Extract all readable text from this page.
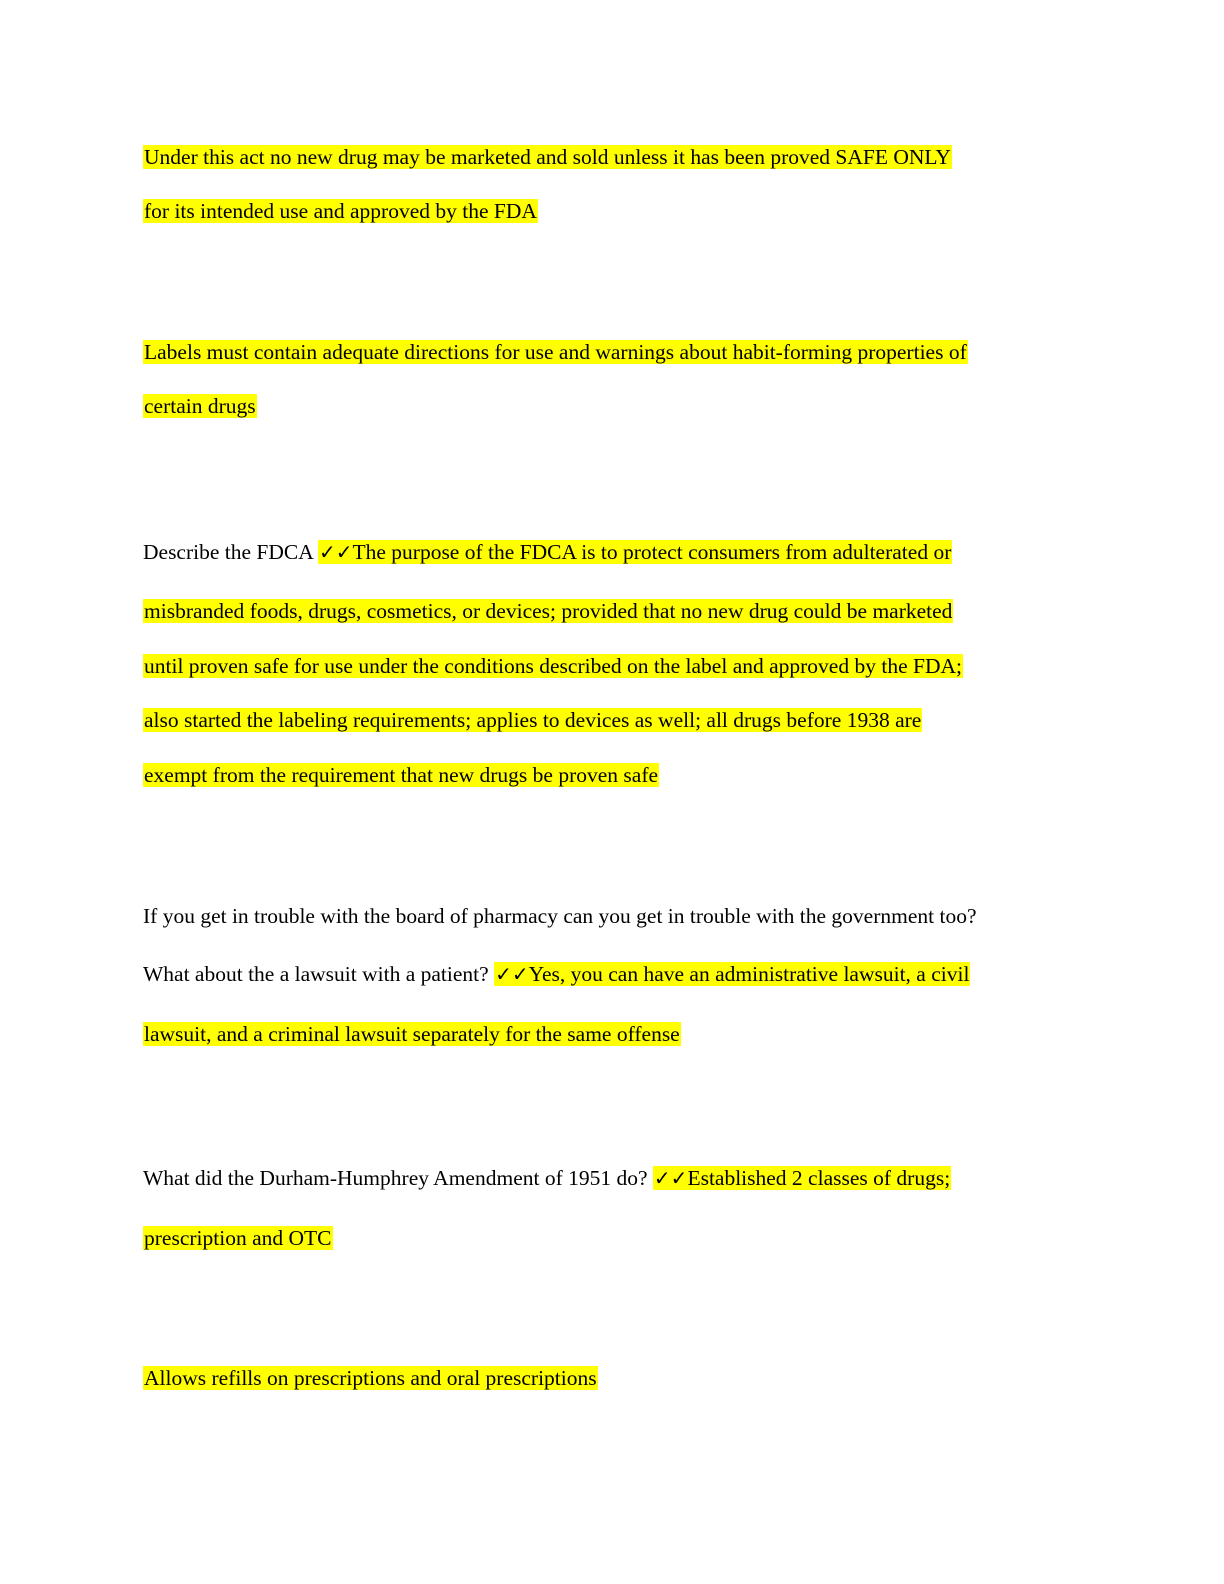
Under this act no new drug may be marketed and sold unless it has been proved SAFE ONLY
for its intended use and approved by the FDA
Labels must contain adequate directions for use and warnings about habit-forming properties of
certain drugs
Describe the FDCA ✓✓The purpose of the FDCA is to protect consumers from adulterated or
misbranded foods, drugs, cosmetics, or devices; provided that no new drug could be marketed
until proven safe for use under the conditions described on the label and approved by the FDA;
also started the labeling requirements; applies to devices as well; all drugs before 1938 are
exempt from the requirement that new drugs be proven safe
If you get in trouble with the board of pharmacy can you get in trouble with the government too?
What about the a lawsuit with a patient? ✓✓Yes, you can have an administrative lawsuit, a civil
lawsuit, and a criminal lawsuit separately for the same offense
What did the Durham-Humphrey Amendment of 1951 do? ✓✓Established 2 classes of drugs;
prescription and OTC
Allows refills on prescriptions and oral prescriptions
